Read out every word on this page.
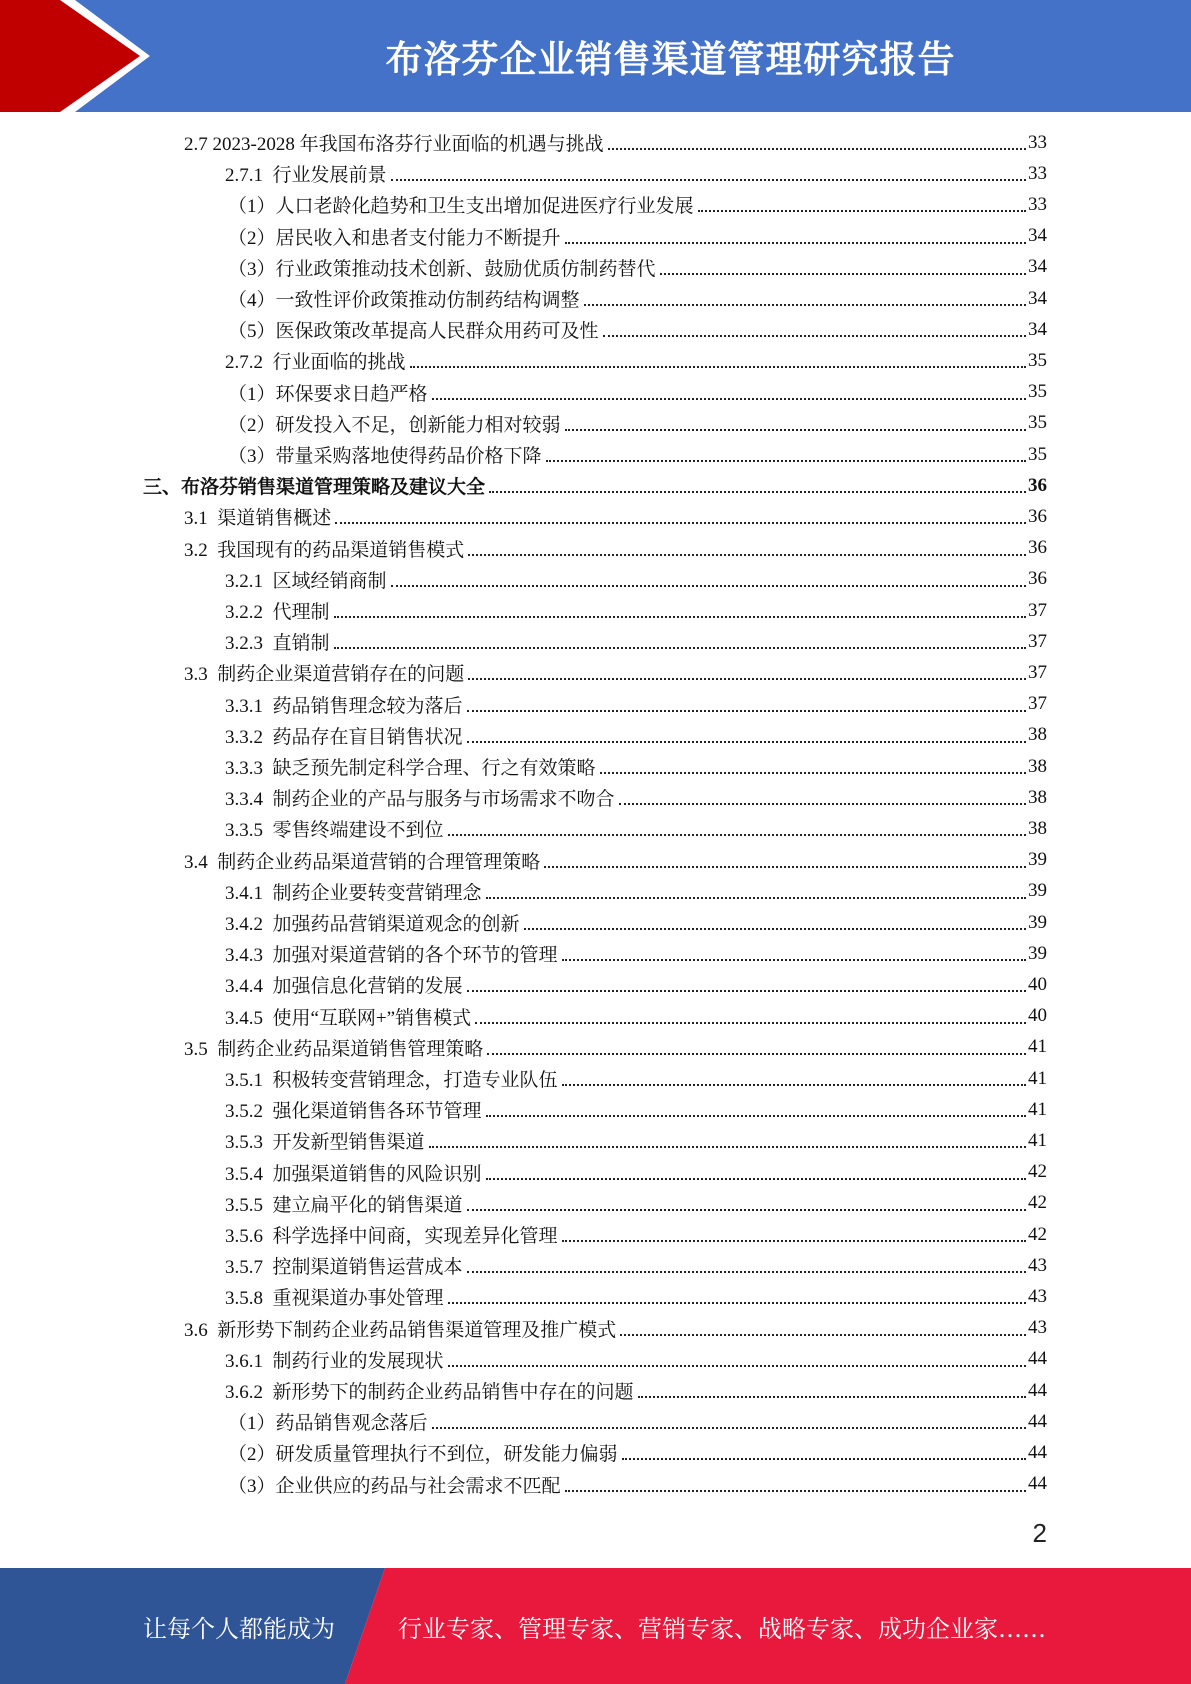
布洛芬企业销售渠道管理研究报告
2.7 2023-2028 年我国布洛芬行业面临的机遇与挑战	33
2.7.1  行业发展前景	33
（1）人口老龄化趋势和卫生支出增加促进医疗行业发展	33
（2）居民收入和患者支付能力不断提升	34
（3）行业政策推动技术创新、鼓励优质仿制药替代	34
（4）一致性评价政策推动仿制药结构调整	34
（5）医保政策改革提高人民群众用药可及性	34
2.7.2  行业面临的挑战	35
（1）环保要求日趋严格	35
（2）研发投入不足，创新能力相对较弱	35
（3）带量采购落地使得药品价格下降	35
三、布洛芬销售渠道管理策略及建议大全	36
3.1  渠道销售概述	36
3.2  我国现有的药品渠道销售模式	36
3.2.1  区域经销商制	36
3.2.2  代理制	37
3.2.3  直销制	37
3.3  制药企业渠道营销存在的问题	37
3.3.1  药品销售理念较为落后	37
3.3.2  药品存在盲目销售状况	38
3.3.3  缺乏预先制定科学合理、行之有效策略	38
3.3.4  制药企业的产品与服务与市场需求不吻合	38
3.3.5  零售终端建设不到位	38
3.4  制药企业药品渠道营销的合理管理策略	39
3.4.1  制药企业要转变营销理念	39
3.4.2  加强药品营销渠道观念的创新	39
3.4.3  加强对渠道营销的各个环节的管理	39
3.4.4  加强信息化营销的发展	40
3.4.5  使用“互联网+”销售模式	40
3.5  制药企业药品渠道销售管理策略	41
3.5.1  积极转变营销理念，打造专业队伍	41
3.5.2  强化渠道销售各环节管理	41
3.5.3  开发新型销售渠道	41
3.5.4  加强渠道销售的风险识别	42
3.5.5  建立扁平化的销售渠道	42
3.5.6  科学选择中间商，实现差异化管理	42
3.5.7  控制渠道销售运营成本	43
3.5.8  重视渠道办事处管理	43
3.6  新形势下制药企业药品销售渠道管理及推广模式	43
3.6.1  制药行业的发展现状	44
3.6.2  新形势下的制药企业药品销售中存在的问题	44
（1）药品销售观念落后	44
（2）研发质量管理执行不到位，研发能力偏弱	44
（3）企业供应的药品与社会需求不匹配	44
2
让每个人都能成为	行业专家、管理专家、营销专家、战略专家、成功企业家……
